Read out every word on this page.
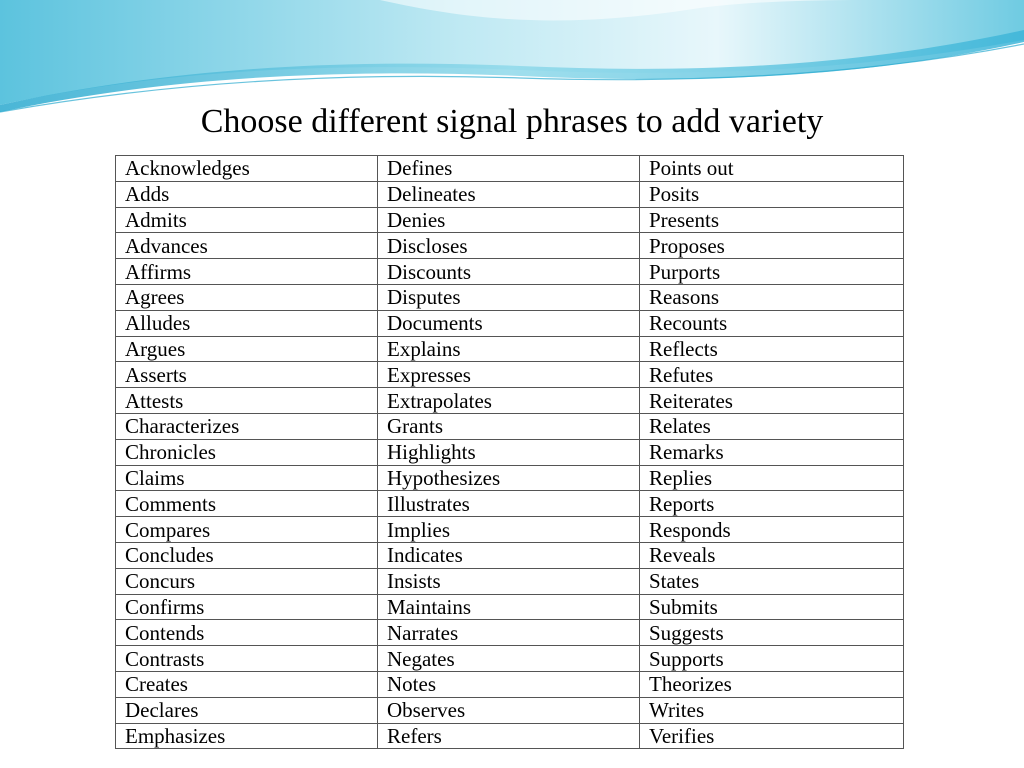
Choose different signal phrases to add variety
Acknowledges	Defines	Points out
Adds	Delineates	Posits
Admits	Denies	Presents
Advances	Discloses	Proposes
Affirms	Discounts	Purports
Agrees	Disputes	Reasons
Alludes	Documents	Recounts
Argues	Explains	Reflects
Asserts	Expresses	Refutes
Attests	Extrapolates	Reiterates
Characterizes	Grants	Relates
Chronicles	Highlights	Remarks
Claims	Hypothesizes	Replies
Comments	Illustrates	Reports
Compares	Implies	Responds
Concludes	Indicates	Reveals
Concurs	Insists	States
Confirms	Maintains	Submits
Contends	Narrates	Suggests
Contrasts	Negates	Supports
Creates	Notes	Theorizes
Declares	Observes	Writes
Emphasizes	Refers	Verifies
